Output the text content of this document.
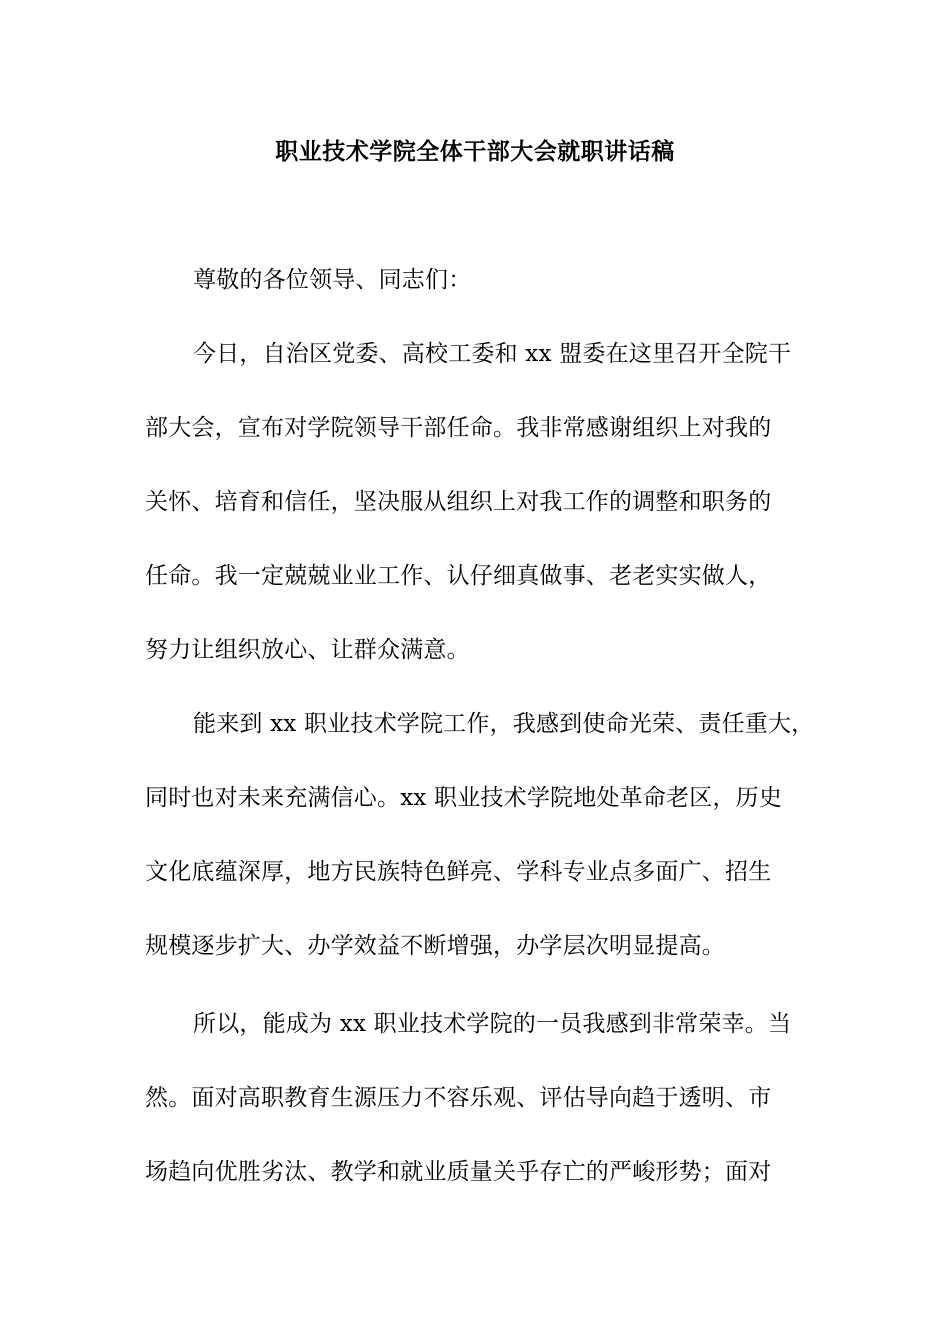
职业技术学院全体干部大会就职讲话稿
尊敬的各位领导、同志们：
今日，自治区党委、高校工委和 xx 盟委在这里召开全院干
部大会，宣布对学院领导干部任命。我非常感谢组织上对我的
关怀、培育和信任，坚决服从组织上对我工作的调整和职务的
任命。我一定兢兢业业工作、认仔细真做事、老老实实做人，
努力让组织放心、让群众满意。
能来到 xx 职业技术学院工作，我感到使命光荣、责任重大，
同时也对未来充满信心。xx 职业技术学院地处革命老区，历史
文化底蕴深厚，地方民族特色鲜亮、学科专业点多面广、招生
规模逐步扩大、办学效益不断增强，办学层次明显提高。
所以，能成为 xx 职业技术学院的一员我感到非常荣幸。当
然。面对高职教育生源压力不容乐观、评估导向趋于透明、市
场趋向优胜劣汰、教学和就业质量关乎存亡的严峻形势；面对
